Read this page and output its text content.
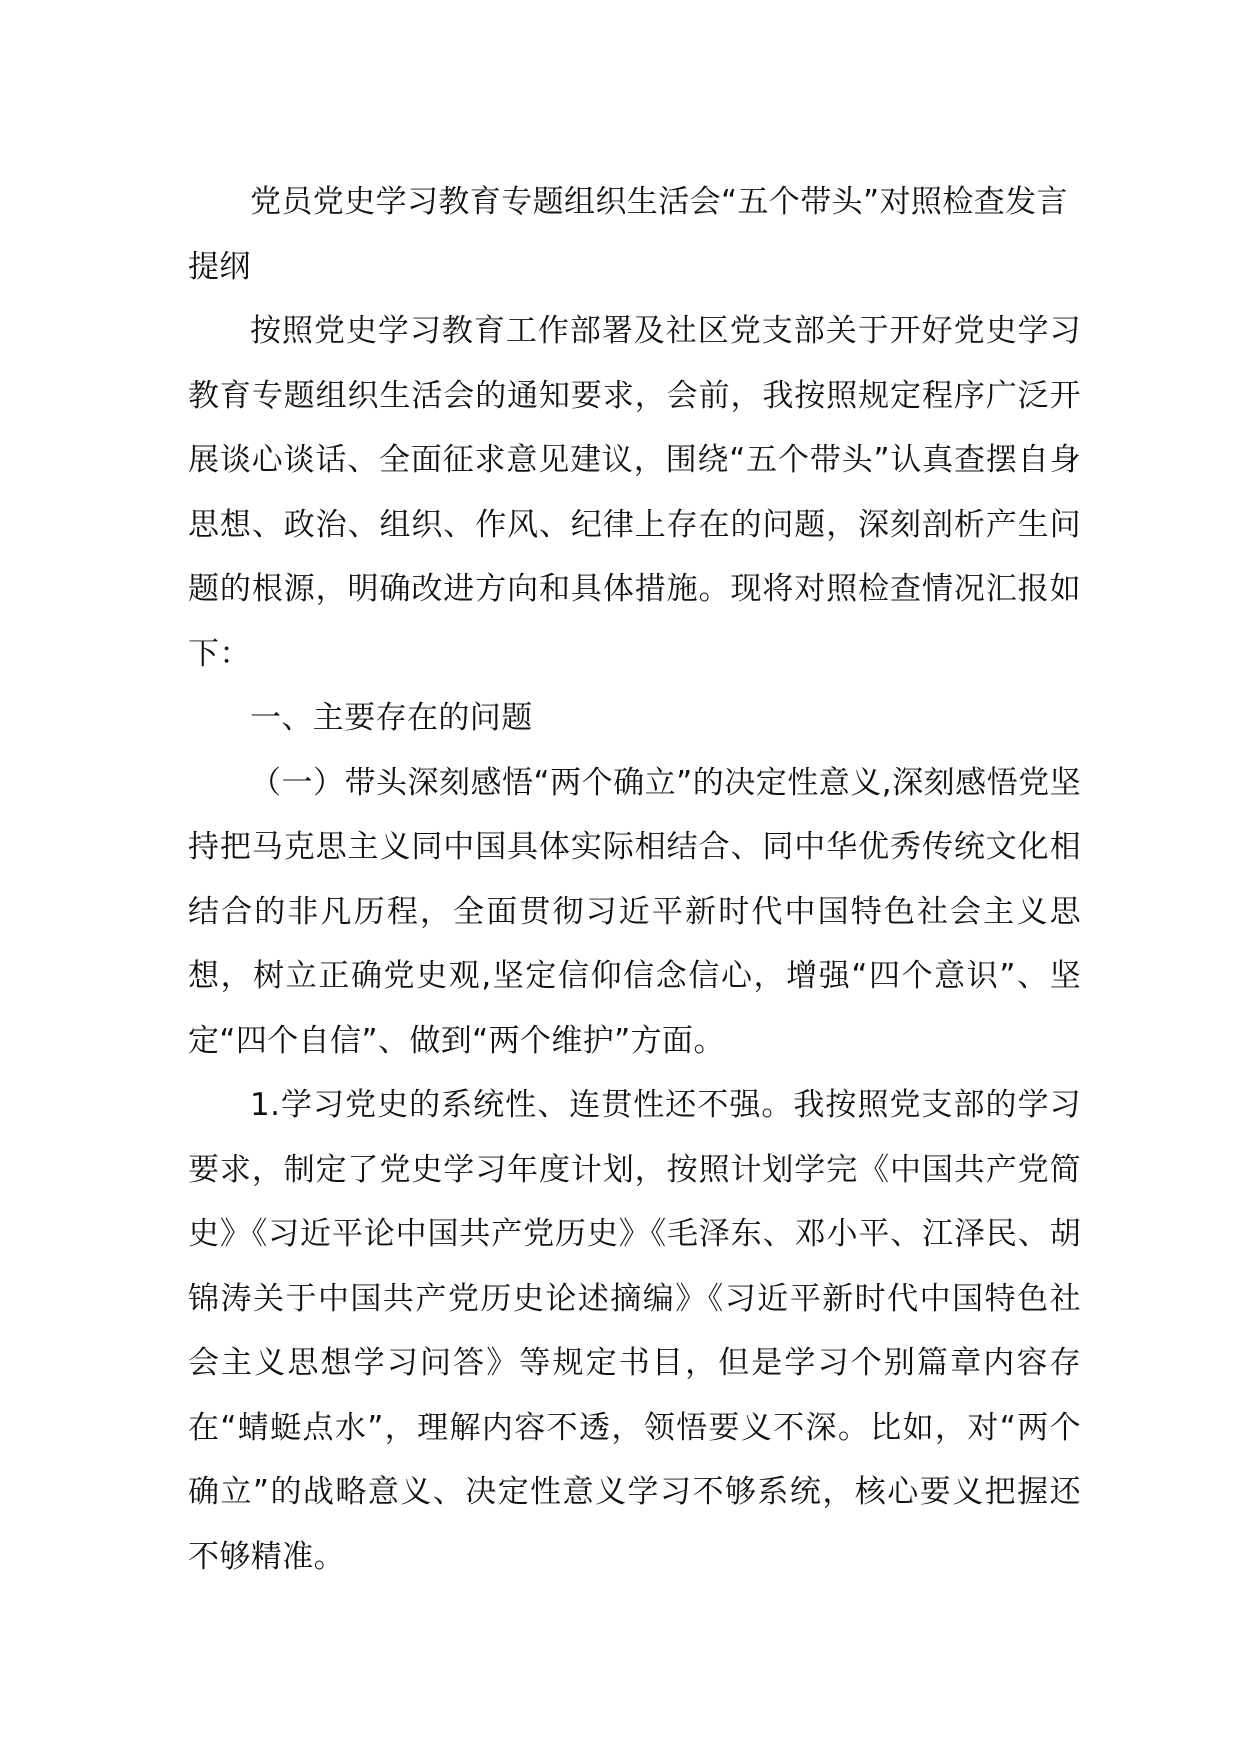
党员党史学习教育专题组织生活会“五个带头”对照检查发言提纲

按照党史学习教育工作部署及社区党支部关于开好党史学习教育专题组织生活会的通知要求，会前，我按照规定程序广泛开展谈心谈话、全面征求意见建议，围绕“五个带头”认真查摆自身思想、政治、组织、作风、纪律上存在的问题，深刻剖析产生问题的根源，明确改进方向和具体措施。现将对照检查情况汇报如下：

一、主要存在的问题

（一）带头深刻感悟“两个确立”的决定性意义,深刻感悟党坚持把马克思主义同中国具体实际相结合、同中华优秀传统文化相结合的非凡历程，全面贯彻习近平新时代中国特色社会主义思想，树立正确党史观,坚定信仰信念信心，增强“四个意识”、坚定“四个自信”、做到“两个维护”方面。

1.学习党史的系统性、连贯性还不强。我按照党支部的学习要求，制定了党史学习年度计划，按照计划学完《中国共产党简史》《习近平论中国共产党历史》《毛泽东、邓小平、江泽民、胡锦涛关于中国共产党历史论述摘编》《习近平新时代中国特色社会主义思想学习问答》等规定书目，但是学习个别篇章内容存在“蜻蜓点水”，理解内容不透，领悟要义不深。比如，对“两个确立”的战略意义、决定性意义学习不够系统，核心要义把握还不够精准。
